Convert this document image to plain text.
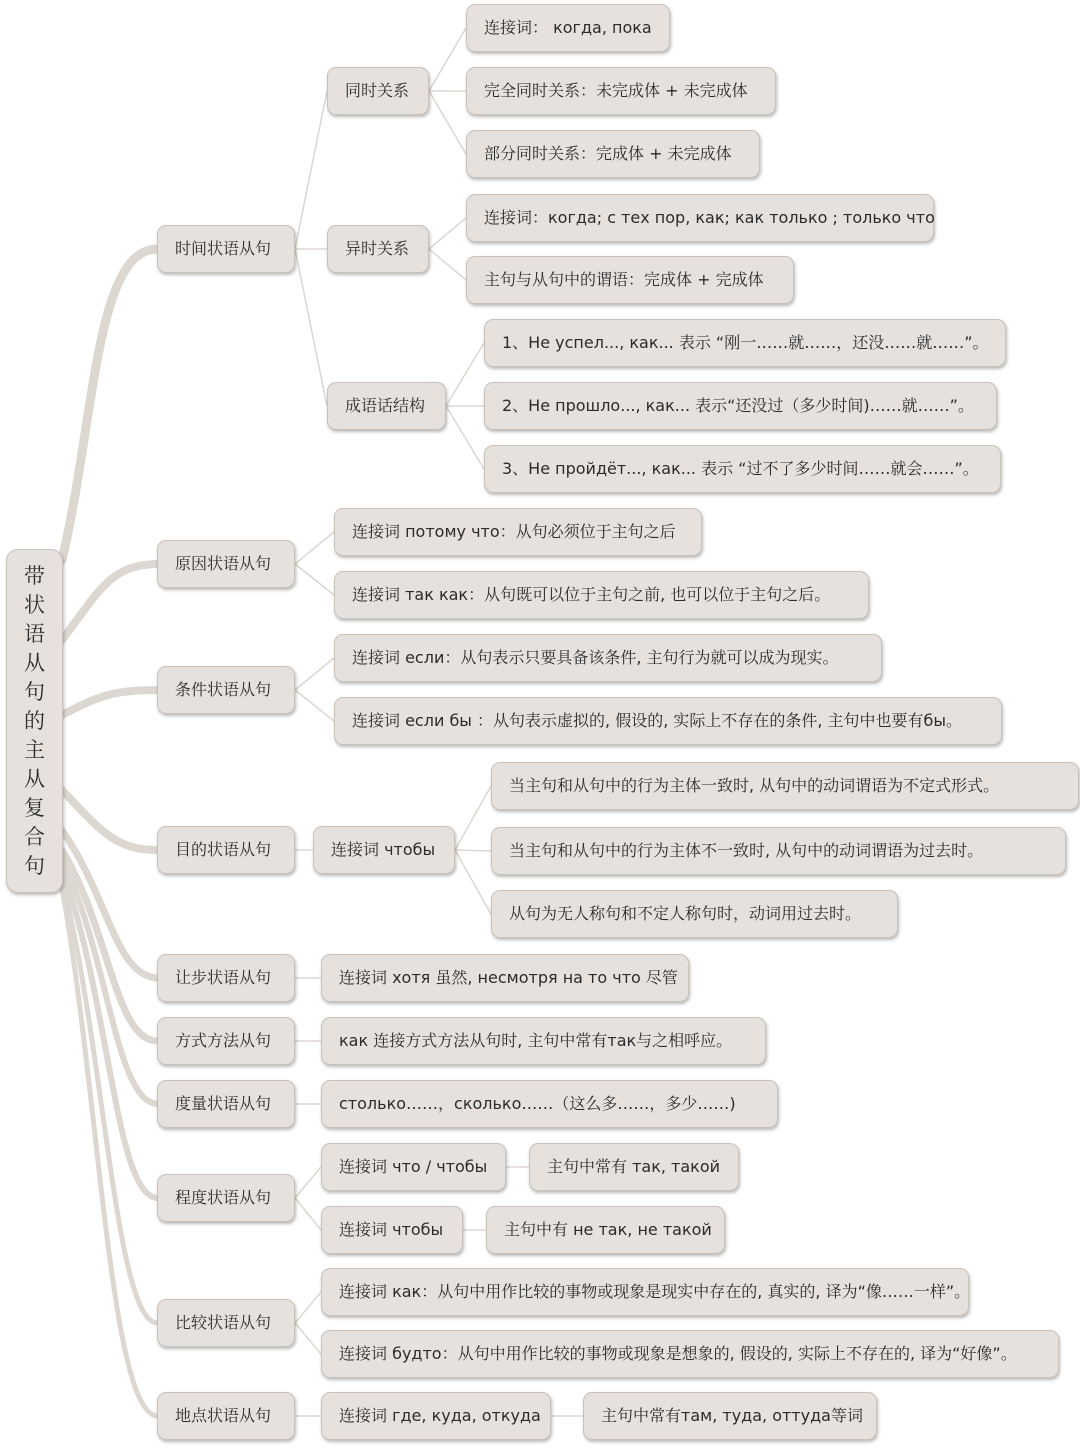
带
状
语
从
句
的
主
从
复
合
句
时间状语从句
同时关系
连接词： когда, пока
完全同时关系：未完成体 + 未完成体
部分同时关系：完成体 + 未完成体
异时关系
连接词：когда; с тех пор, как; как только ; только что
主句与从句中的谓语：完成体 + 完成体
成语话结构
1、Не успел..., как... 表示 “刚一……就……，还没……就……”。
2、Не прошло..., как... 表示“还没过（多少时间)……就……”。
3、Не пройдёт..., как... 表示 “过不了多少时间……就会……”。
原因状语从句
连接词 потому что：从句必须位于主句之后
连接词 так как：从句既可以位于主句之前, 也可以位于主句之后。
条件状语从句
连接词 если：从句表示只要具备该条件, 主句行为就可以成为现实。
连接词 если бы ：从句表示虚拟的, 假设的, 实际上不存在的条件, 主句中也要有бы。
目的状语从句	连接词 чтобы
当主句和从句中的行为主体一致时, 从句中的动词谓语为不定式形式。
当主句和从句中的行为主体不一致时, 从句中的动词谓语为过去时。
从句为无人称句和不定人称句时，动词用过去时。
让步状语从句	连接词 хотя 虽然, несмотря на то что 尽管
方式方法从句	как 连接方式方法从句时, 主句中常有так与之相呼应。
度量状语从句	столько……，сколько……（这么多……，多少……)
程度状语从句
连接词 что / чтобы	主句中常有 так, такой
连接词 чтобы	主句中有 не так, не такой
比较状语从句
连接词 как：从句中用作比较的事物或现象是现实中存在的, 真实的, 译为“像……一样”。
连接词 будто：从句中用作比较的事物或现象是想象的, 假设的, 实际上不存在的, 译为“好像”。
地点状语从句	连接词 где, куда, откуда	主句中常有там, туда, оттуда等词
